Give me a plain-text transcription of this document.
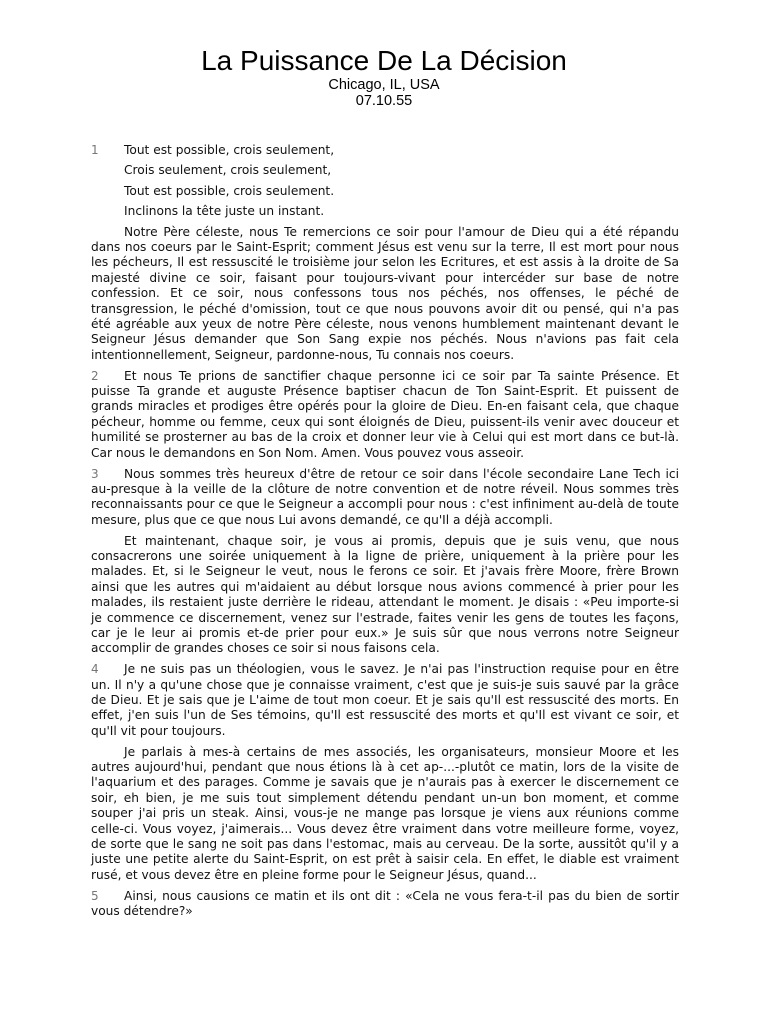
La Puissance De La Décision
Chicago, IL, USA
07.10.55
1 Tout est possible, crois seulement,
Crois seulement, crois seulement,
Tout est possible, crois seulement.
Inclinons la tête juste un instant.

Notre Père céleste, nous Te remercions ce soir pour l'amour de Dieu qui a été répandu dans nos coeurs par le Saint-Esprit; comment Jésus est venu sur la terre, Il est mort pour nous les pécheurs, Il est ressuscité le troisième jour selon les Ecritures, et est assis à la droite de Sa majesté divine ce soir, faisant pour toujours-vivant pour intercéder sur base de notre confession. Et ce soir, nous confessons tous nos péchés, nos offenses, le péché de transgression, le péché d'omission, tout ce que nous pouvons avoir dit ou pensé, qui n'a pas été agréable aux yeux de notre Père céleste, nous venons humblement maintenant devant le Seigneur Jésus demander que Son Sang expie nos péchés. Nous n'avions pas fait cela intentionnellement, Seigneur, pardonne-nous, Tu connais nos coeurs.

2 Et nous Te prions de sanctifier chaque personne ici ce soir par Ta sainte Présence. Et puisse Ta grande et auguste Présence baptiser chacun de Ton Saint-Esprit. Et puissent de grands miracles et prodiges être opérés pour la gloire de Dieu. En-en faisant cela, que chaque pécheur, homme ou femme, ceux qui sont éloignés de Dieu, puissent-ils venir avec douceur et humilité se prosterner au bas de la croix et donner leur vie à Celui qui est mort dans ce but-là. Car nous le demandons en Son Nom. Amen. Vous pouvez vous asseoir.

3 Nous sommes très heureux d'être de retour ce soir dans l'école secondaire Lane Tech ici au-presque à la veille de la clôture de notre convention et de notre réveil. Nous sommes très reconnaissants pour ce que le Seigneur a accompli pour nous : c'est infiniment au-delà de toute mesure, plus que ce que nous Lui avons demandé, ce qu'Il a déjà accompli.

Et maintenant, chaque soir, je vous ai promis, depuis que je suis venu, que nous consacrerons une soirée uniquement à la ligne de prière, uniquement à la prière pour les malades. Et, si le Seigneur le veut, nous le ferons ce soir. Et j'avais frère Moore, frère Brown ainsi que les autres qui m'aidaient au début lorsque nous avions commencé à prier pour les malades, ils restaient juste derrière le rideau, attendant le moment. Je disais : «Peu importe-si je commence ce discernement, venez sur l'estrade, faites venir les gens de toutes les façons, car je le leur ai promis et-de prier pour eux.» Je suis sûr que nous verrons notre Seigneur accomplir de grandes choses ce soir si nous faisons cela.

4 Je ne suis pas un théologien, vous le savez. Je n'ai pas l'instruction requise pour en être un. Il n'y a qu'une chose que je connaisse vraiment, c'est que je suis-je suis sauvé par la grâce de Dieu. Et je sais que je L'aime de tout mon coeur. Et je sais qu'Il est ressuscité des morts. En effet, j'en suis l'un de Ses témoins, qu'Il est ressuscité des morts et qu'Il est vivant ce soir, et qu'Il vit pour toujours.

Je parlais à mes-à certains de mes associés, les organisateurs, monsieur Moore et les autres aujourd'hui, pendant que nous étions là à cet ap-...-plutôt ce matin, lors de la visite de l'aquarium et des parages. Comme je savais que je n'aurais pas à exercer le discernement ce soir, eh bien, je me suis tout simplement détendu pendant un-un bon moment, et comme souper j'ai pris un steak. Ainsi, vous-je ne mange pas lorsque je viens aux réunions comme celle-ci. Vous voyez, j'aimerais... Vous devez être vraiment dans votre meilleure forme, voyez, de sorte que le sang ne soit pas dans l'estomac, mais au cerveau. De la sorte, aussitôt qu'il y a juste une petite alerte du Saint-Esprit, on est prêt à saisir cela. En effet, le diable est vraiment rusé, et vous devez être en pleine forme pour le Seigneur Jésus, quand...

5 Ainsi, nous causions ce matin et ils ont dit : «Cela ne vous fera-t-il pas du bien de sortir vous détendre?»
